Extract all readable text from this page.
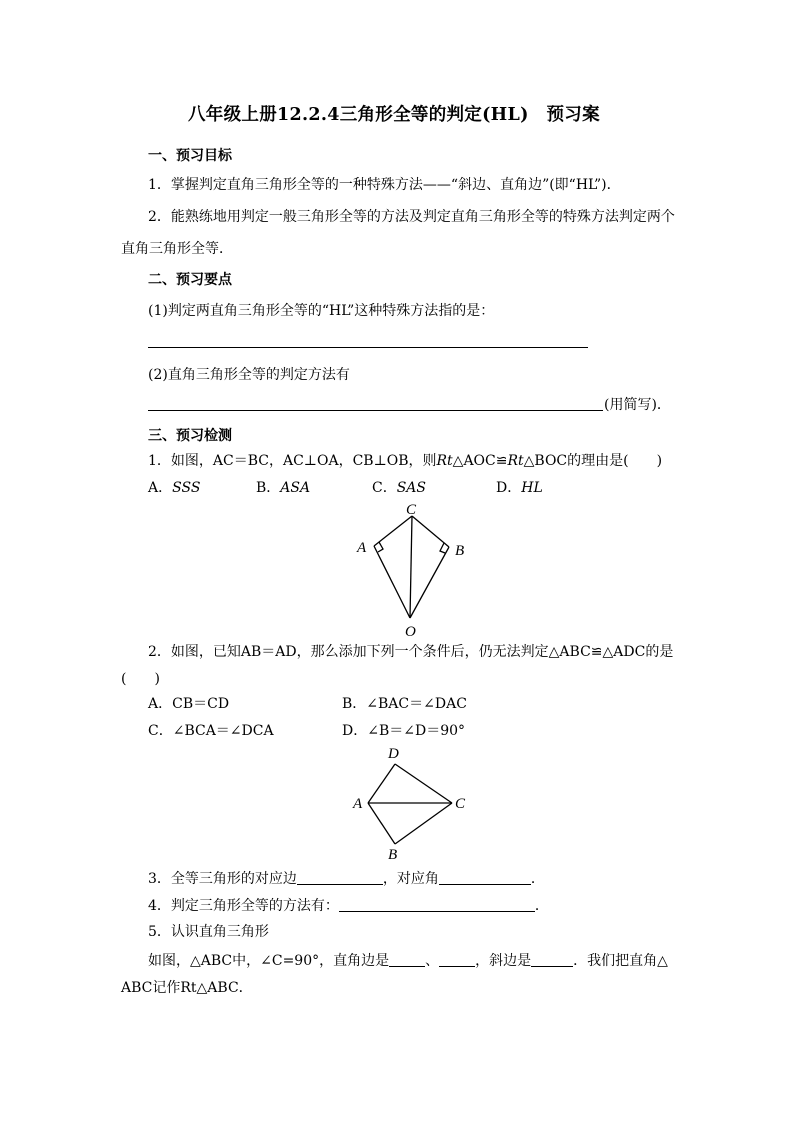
八年级上册12.2.4三角形全等的判定(HL)　预习案
一、预习目标
1．掌握判定直角三角形全等的一种特殊方法——“斜边、直角边”(即“HL”)．
2．能熟练地用判定一般三角形全等的方法及判定直角三角形全等的特殊方法判定两个
直角三角形全等．
二、预习要点
(1)判定两直角三角形全等的“HL”这种特殊方法指的是：
(2)直角三角形全等的判定方法有
(用简写)．
三、预习检测
1．如图，AC＝BC，AC⊥OA，CB⊥OB，则Rt△AOC≌Rt△BOC的理由是(　　)
A．SSS	B．ASA	C．SAS	D．HL
C
A	B
O
2．如图，已知AB＝AD，那么添加下列一个条件后，仍无法判定△ABC≌△ADC的是
(　　)
A．CB＝CD	B．∠BAC＝∠DAC
C．∠BCA＝∠DCA	D．∠B＝∠D＝90°
D
A	C
B
3．全等三角形的对应边	，对应角	．
4．判定三角形全等的方法有：	．
5．认识直角三角形
如图，△ABC中，∠C=90°，直角边是	、	，斜边是	．我们把直角△
ABC记作Rt△ABC．
